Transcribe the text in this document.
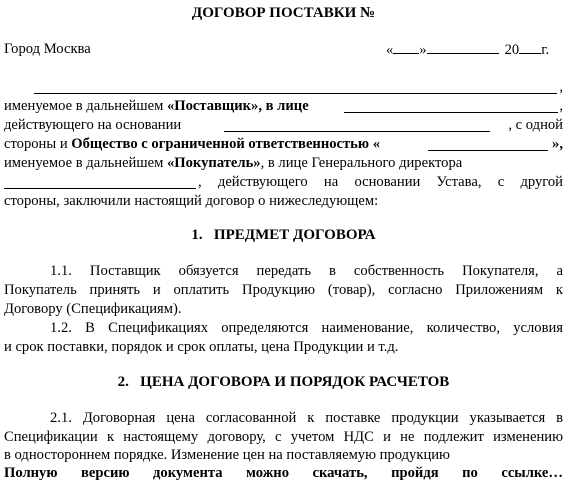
ДОГОВОР ПОСТАВКИ №
Город Москва	« »	20 г.
,
именуемое в дальнейшем «Поставщик», в лице	,
действующего на основании	, с одной
стороны и Общество с ограниченной ответственностью «	»,
именуемое в дальнейшем «Покупатель», в лице Генерального директора
, действующего на основании Устава, с другой
стороны, заключили настоящий договор о нижеследующем:
1.   ПРЕДМЕТ ДОГОВОРА
1.1. Поставщик обязуется передать в собственность Покупателя, а
Покупатель принять и оплатить Продукцию (товар), согласно Приложениям к
Договору (Спецификациям).
1.2. В Спецификациях определяются наименование, количество, условия
и срок поставки, порядок и срок оплаты, цена Продукции и т.д.
2.   ЦЕНА ДОГОВОРА И ПОРЯДОК РАСЧЕТОВ
2.1. Договорная цена согласованной к поставке продукции указывается в
Спецификации к настоящему договору, с учетом НДС и не подлежит изменению
в одностороннем порядке. Изменение цен на поставляемую продукцию
Полную версию документа можно скачать, пройдя по ссылке…
